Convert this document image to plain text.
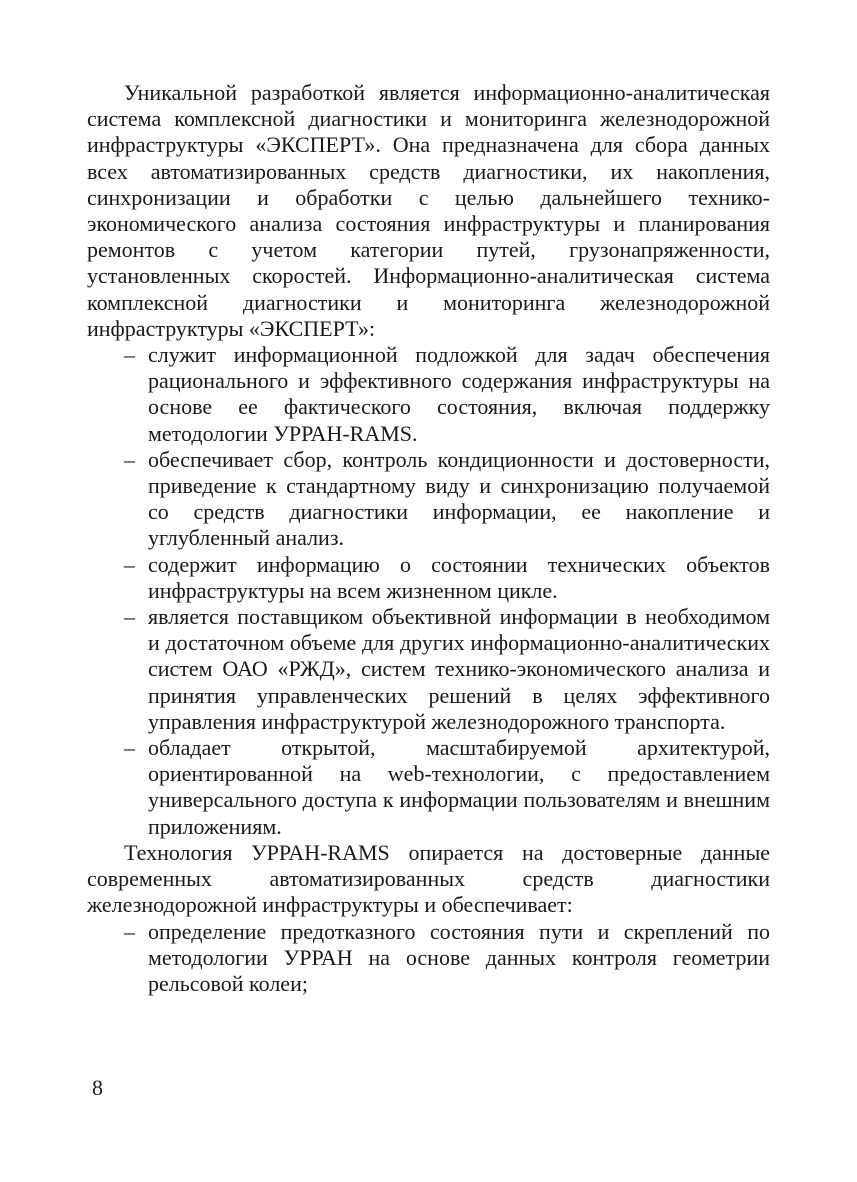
Уникальной разработкой является информационно-аналитическая система комплексной диагностики и мониторинга железнодорожной инфраструктуры «ЭКСПЕРТ». Она предназначена для сбора данных всех автоматизированных средств диагностики, их накопления, синхронизации и обработки с целью дальнейшего технико-экономического анализа состояния инфраструктуры и планирования ремонтов с учетом категории путей, грузонапряженности, установленных скоростей. Информационно-аналитическая система комплексной диагностики и мониторинга железнодорожной инфраструктуры «ЭКСПЕРТ»:

– служит информационной подложкой для задач обеспечения рационального и эффективного содержания инфраструктуры на основе ее фактического состояния, включая поддержку методологии УРРАН-RAMS.
– обеспечивает сбор, контроль кондиционности и достоверности, приведение к стандартному виду и синхронизацию получаемой со средств диагностики информации, ее накопление и углубленный анализ.
– содержит информацию о состоянии технических объектов инфраструктуры на всем жизненном цикле.
– является поставщиком объективной информации в необходимом и достаточном объеме для других информационно-аналитических систем ОАО «РЖД», систем технико-экономического анализа и принятия управленческих решений в целях эффективного управления инфраструктурой железнодорожного транспорта.
– обладает открытой, масштабируемой архитектурой, ориентированной на web-технологии, с предоставлением универсального доступа к информации пользователям и внешним приложениям.

Технология УРРАН-RAMS опирается на достоверные данные современных автоматизированных средств диагностики железнодорожной инфраструктуры и обеспечивает:

– определение предотказного состояния пути и скреплений по методологии УРРАН на основе данных контроля геометрии рельсовой колеи;
8
